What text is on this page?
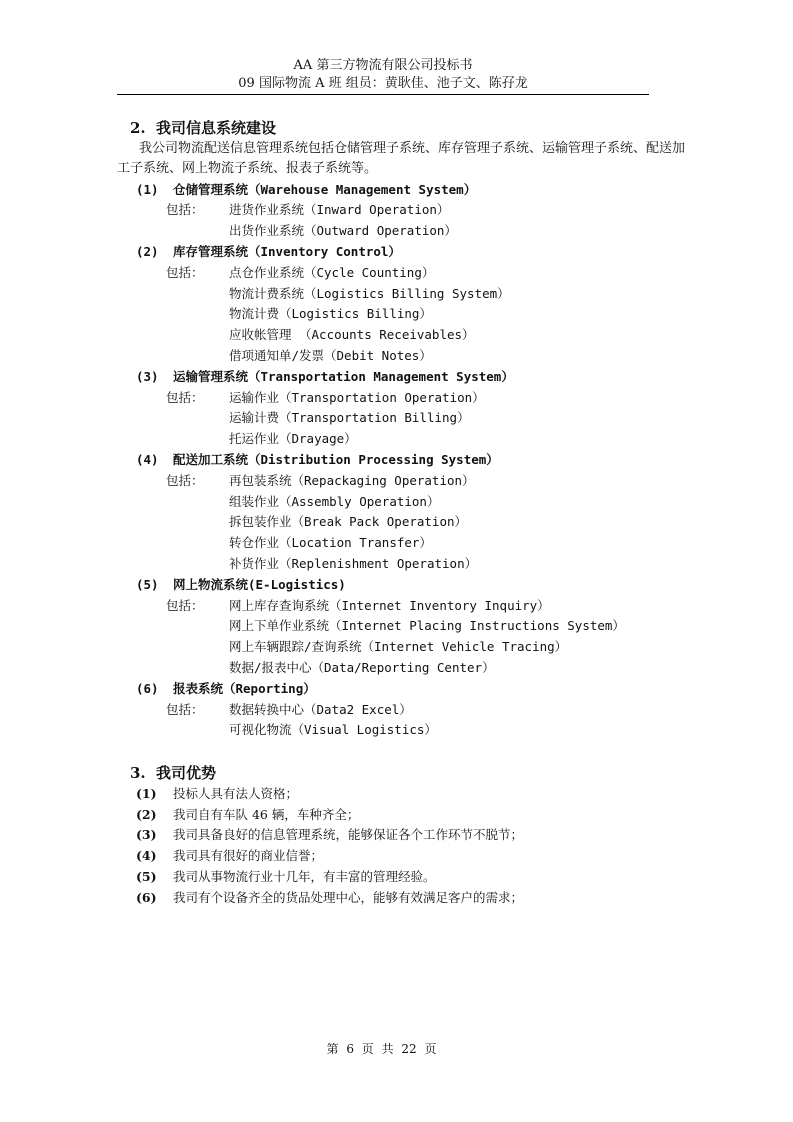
AA 第三方物流有限公司投标书
09 国际物流 A 班 组员：黄耿佳、池子文、陈孖龙
2. 我司信息系统建设
我公司物流配送信息管理系统包括仓储管理子系统、库存管理子系统、运输管理子系统、配送加工子系统、网上物流子系统、报表子系统等。
(1) 仓储管理系统（Warehouse Management System）
包括： 进货作业系统（Inward Operation）
出货作业系统（Outward Operation）
(2) 库存管理系统（Inventory Control）
包括： 点仓作业系统（Cycle Counting）
物流计费系统（Logistics Billing System）
物流计费（Logistics Billing）
应收帐管理 （Accounts Receivables）
借项通知单/发票（Debit Notes）
(3) 运输管理系统（Transportation Management System）
包括： 运输作业（Transportation Operation）
运输计费（Transportation Billing）
托运作业（Drayage）
(4) 配送加工系统（Distribution Processing System）
包括： 再包装系统（Repackaging Operation）
组装作业（Assembly Operation）
拆包装作业（Break Pack Operation）
转仓作业（Location Transfer）
补货作业（Replenishment Operation）
(5) 网上物流系统(E-Logistics)
包括： 网上库存查询系统（Internet Inventory Inquiry）
网上下单作业系统（Internet Placing Instructions System）
网上车辆跟踪/查询系统（Internet Vehicle Tracing）
数据/报表中心（Data/Reporting Center）
(6) 报表系统（Reporting）
包括： 数据转换中心（Data2 Excel）
可视化物流（Visual Logistics）
3. 我司优势
(1) 投标人具有法人资格；
(2) 我司自有车队 46 辆，车种齐全；
(3) 我司具备良好的信息管理系统，能够保证各个工作环节不脱节；
(4) 我司具有很好的商业信誉；
(5) 我司从事物流行业十几年，有丰富的管理经验。
(6) 我司有个设备齐全的货品处理中心，能够有效满足客户的需求；
第 6 页 共 22 页
